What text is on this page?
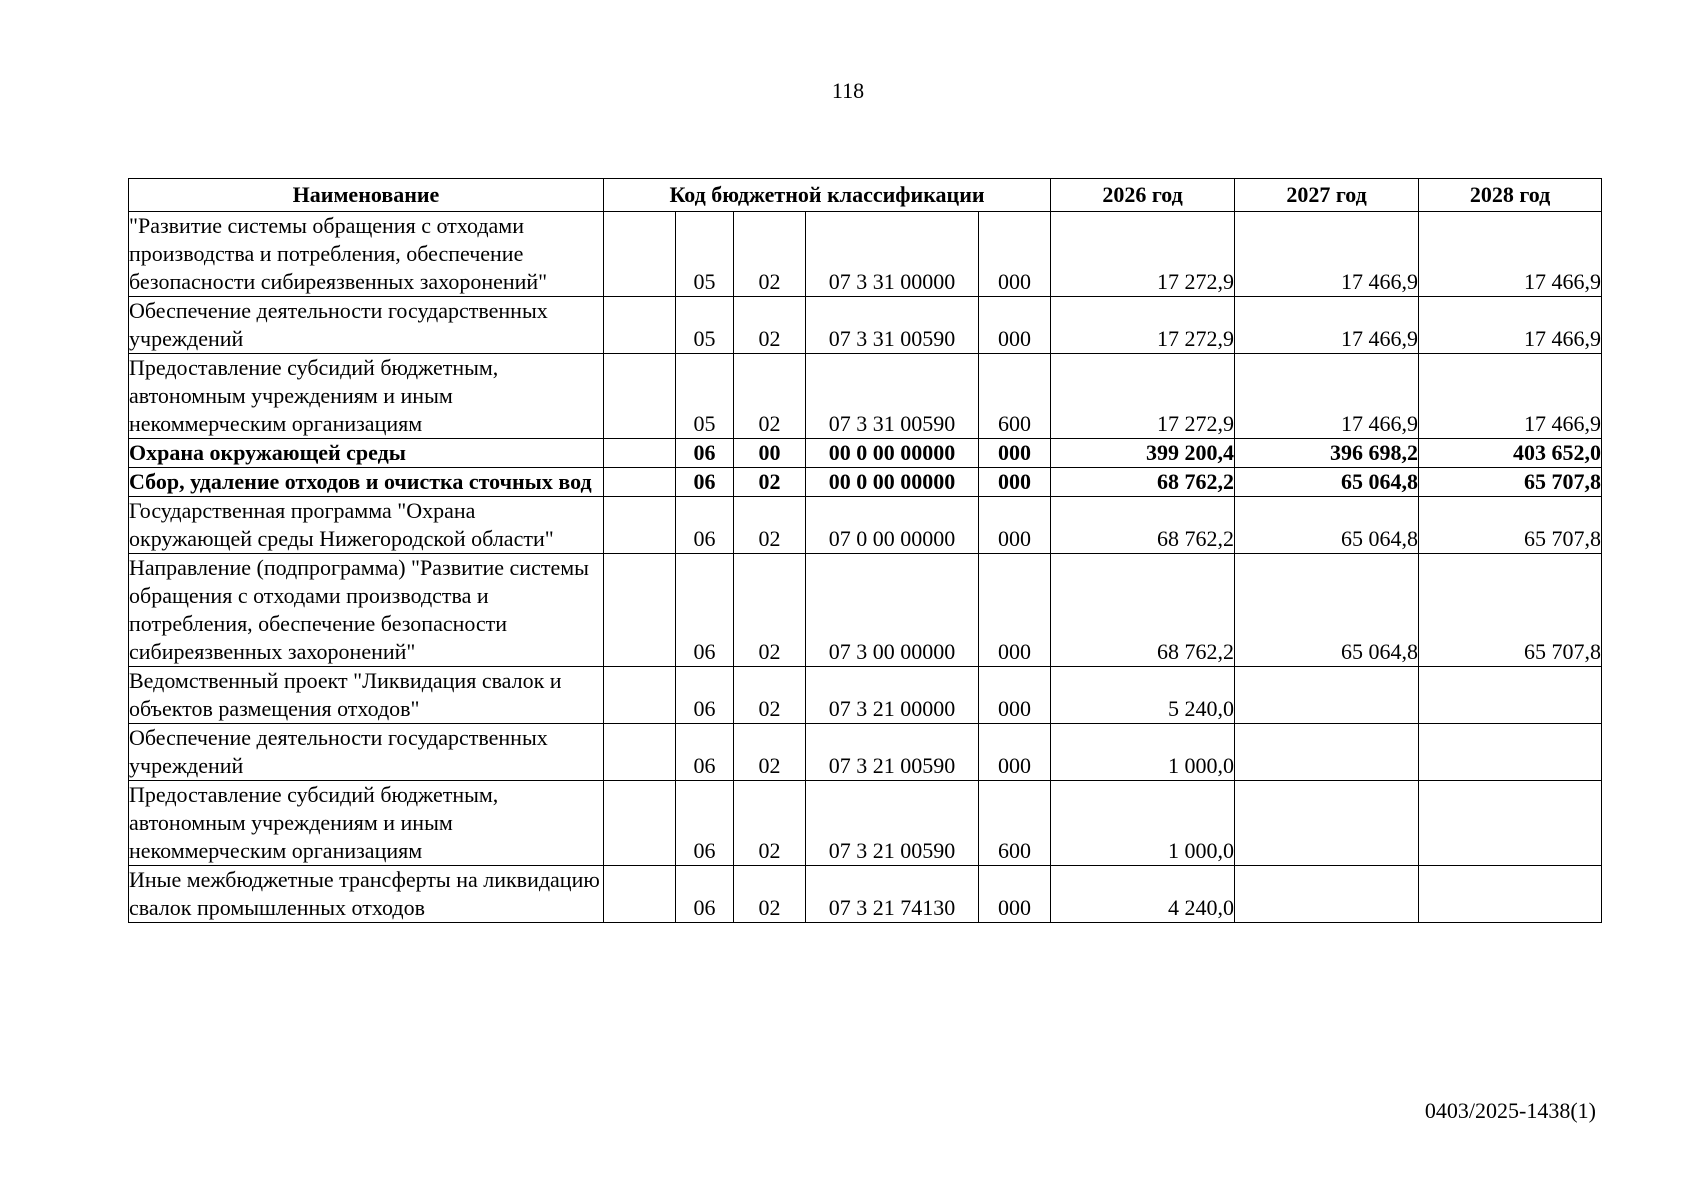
118
Наименование	Код бюджетной классификации					2026 год	2027 год	2028 год
"Развитие системы обращения с отходами производства и потребления, обеспечение безопасности сибиреязвенных захоронений"		05	02	07 3 31 00000	000	17 272,9	17 466,9	17 466,9
Обеспечение деятельности государственных учреждений		05	02	07 3 31 00590	000	17 272,9	17 466,9	17 466,9
Предоставление субсидий бюджетным, автономным учреждениям и иным некоммерческим организациям		05	02	07 3 31 00590	600	17 272,9	17 466,9	17 466,9
Охрана окружающей среды		06	00	00 0 00 00000	000	399 200,4	396 698,2	403 652,0
Сбор, удаление отходов и очистка сточных вод		06	02	00 0 00 00000	000	68 762,2	65 064,8	65 707,8
Государственная программа "Охрана окружающей среды Нижегородской области"		06	02	07 0 00 00000	000	68 762,2	65 064,8	65 707,8
Направление (подпрограмма) "Развитие системы обращения с отходами производства и потребления, обеспечение безопасности сибиреязвенных захоронений"		06	02	07 3 00 00000	000	68 762,2	65 064,8	65 707,8
Ведомственный проект "Ликвидация свалок и объектов размещения отходов"		06	02	07 3 21 00000	000	5 240,0		
Обеспечение деятельности государственных учреждений		06	02	07 3 21 00590	000	1 000,0		
Предоставление субсидий бюджетным, автономным учреждениям и иным некоммерческим организациям		06	02	07 3 21 00590	600	1 000,0		
Иные межбюджетные трансферты на ликвидацию свалок промышленных отходов		06	02	07 3 21 74130	000	4 240,0		
0403/2025-1438(1)
